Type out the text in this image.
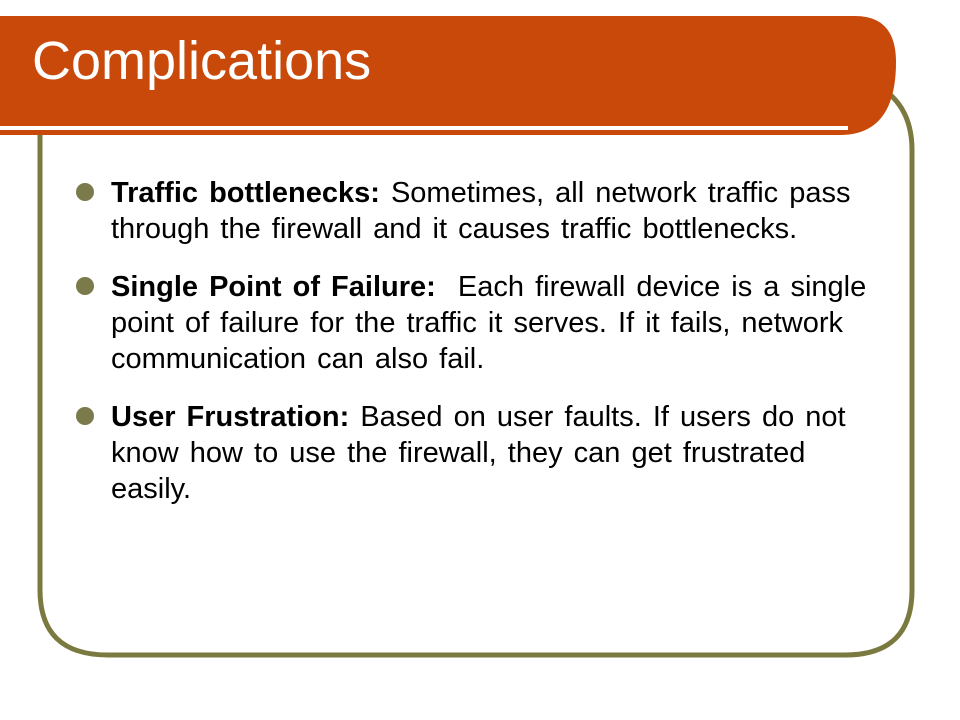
Complications
Traffic bottlenecks: Sometimes, all network traffic pass through the firewall and it causes traffic bottlenecks.
Single Point of Failure:  Each firewall device is a single point of failure for the traffic it serves. If it fails, network communication can also fail.
User Frustration: Based on user faults. If users do not know how to use the firewall, they can get frustrated easily.
